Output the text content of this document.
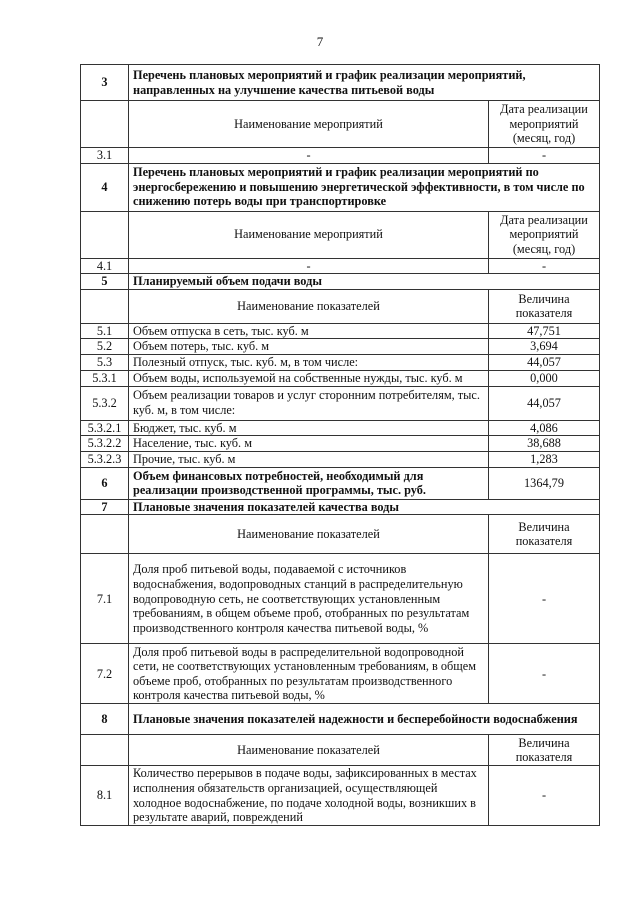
7
3	Перечень плановых мероприятий и график реализации мероприятий, направленных на улучшение качества питьевой воды	
	Наименование мероприятий	Дата реализации мероприятий (месяц, год)
3.1	-	-
4	Перечень плановых мероприятий и график реализации мероприятий по энергосбережению и повышению энергетической эффективности, в том числе по снижению потерь воды при транспортировке	
	Наименование мероприятий	Дата реализации мероприятий (месяц, год)
4.1	-	-
5	Планируемый объем подачи воды	
	Наименование показателей	Величина показателя
5.1	Объем отпуска в сеть, тыс. куб. м	47,751
5.2	Объем потерь, тыс. куб. м	3,694
5.3	Полезный отпуск, тыс. куб. м, в том числе:	44,057
5.3.1	Объем воды, используемой на собственные нужды, тыс. куб. м	0,000
5.3.2	Объем реализации товаров и услуг сторонним потребителям, тыс. куб. м, в том числе:	44,057
5.3.2.1	Бюджет, тыс. куб. м	4,086
5.3.2.2	Население, тыс. куб. м	38,688
5.3.2.3	Прочие, тыс. куб. м	1,283
6	Объем финансовых потребностей, необходимый для реализации производственной программы, тыс. руб.	1364,79
7	Плановые значения показателей качества воды	
	Наименование показателей	Величина показателя
7.1	Доля проб питьевой воды, подаваемой с источников водоснабжения, водопроводных станций в распределительную водопроводную сеть, не соответствующих установленным требованиям, в общем объеме проб, отобранных по результатам производственного контроля качества питьевой воды, %	-
7.2	Доля проб питьевой воды в распределительной водопроводной сети, не соответствующих установленным требованиям, в общем объеме проб, отобранных по результатам производственного контроля качества питьевой воды, %	-
8	Плановые значения показателей надежности и бесперебойности водоснабжения	
	Наименование показателей	Величина показателя
8.1	Количество перерывов в подаче воды, зафиксированных в местах исполнения обязательств организацией, осуществляющей холодное водоснабжение, по подаче холодной воды, возникших в результате аварий, повреждений	-
